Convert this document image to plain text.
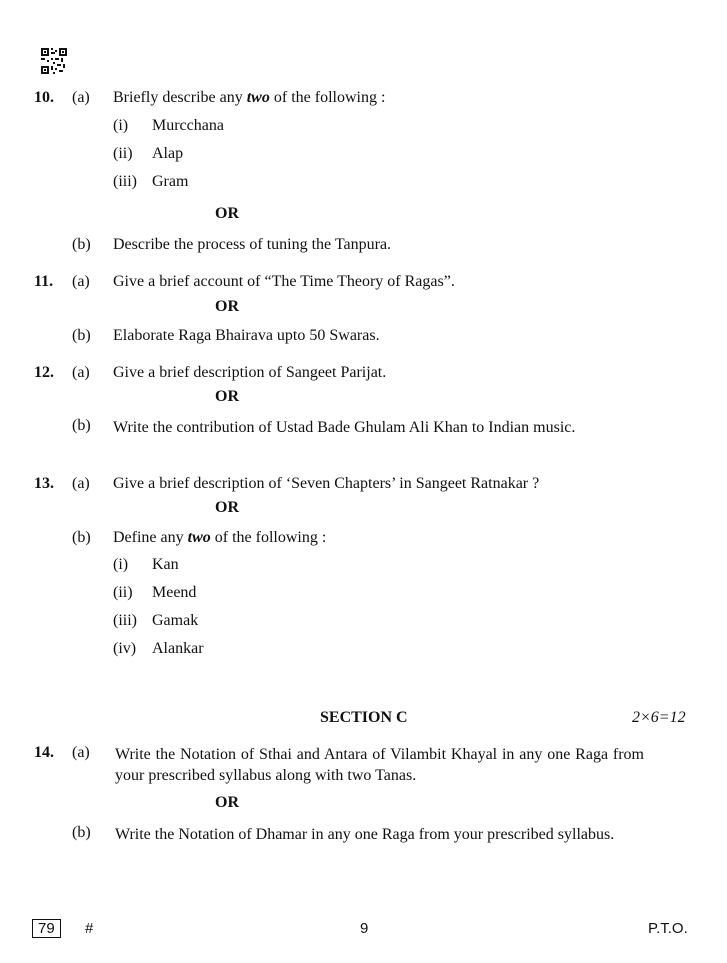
10. (a) Briefly describe any two of the following :
(i) Murcchana
(ii) Alap
(iii) Gram
OR
(b) Describe the process of tuning the Tanpura.
11. (a) Give a brief account of “The Time Theory of Ragas”.
OR
(b) Elaborate Raga Bhairava upto 50 Swaras.
12. (a) Give a brief description of Sangeet Parijat.
OR
(b) Write the contribution of Ustad Bade Ghulam Ali Khan to Indian music.
13. (a) Give a brief description of ‘Seven Chapters’ in Sangeet Ratnakar ?
OR
(b) Define any two of the following :
(i) Kan
(ii) Meend
(iii) Gamak
(iv) Alankar
SECTION C	2×6=12
14. (a) Write the Notation of Sthai and Antara of Vilambit Khayal in any one Raga from your prescribed syllabus along with two Tanas.
OR
(b) Write the Notation of Dhamar in any one Raga from your prescribed syllabus.
79	#	9	P.T.O.
